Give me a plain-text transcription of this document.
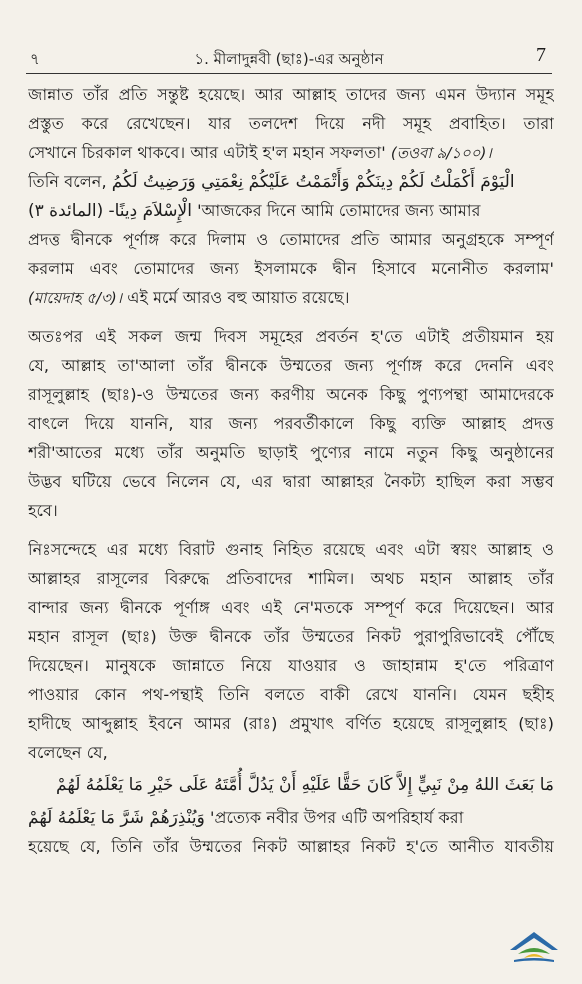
৭	১. মীলাদুন্নবী (ছাঃ)-এর অনুষ্ঠান	7
জান্নাত তাঁর প্রতি সন্তুষ্ট হয়েছে। আর আল্লাহ তাদের জন্য এমন উদ্যান সমূহ
প্রস্তুত করে রেখেছেন। যার তলদেশ দিয়ে নদী সমূহ প্রবাহিত। তারা
সেখানে চিরকাল থাকবে। আর এটাই হ'ল মহান সফলতা' (তওবা ৯/১০০)।
তিনি বলেন, الْيَوْمَ أَكْمَلْتُ لَكُمْ دِينَكُمْ وَأَتْمَمْتُ عَلَيْكُمْ نِعْمَتِي وَرَضِيتُ لَكُمُ
(المائدة ٣) الْإِسْلاَمَ دِينًا- 'আজকের দিনে আমি তোমাদের জন্য আমার
প্রদত্ত দ্বীনকে পূর্ণাঙ্গ করে দিলাম ও তোমাদের প্রতি আমার অনুগ্রহকে সম্পূর্ণ
করলাম এবং তোমাদের জন্য ইসলামকে দ্বীন হিসাবে মনোনীত করলাম'
(মায়েদাহ ৫/৩)। এই মর্মে আরও বহু আয়াত রয়েছে।
অতঃপর এই সকল জন্ম দিবস সমূহের প্রবর্তন হ'তে এটাই প্রতীয়মান হয়
যে, আল্লাহ তা'আলা তাঁর দ্বীনকে উম্মতের জন্য পূর্ণাঙ্গ করে দেননি এবং
রাসূলুল্লাহ (ছাঃ)-ও উম্মতের জন্য করণীয় অনেক কিছু পুণ্যপন্থা আমাদেরকে
বাৎলে দিয়ে যাননি, যার জন্য পরবর্তীকালে কিছু ব্যক্তি আল্লাহ প্রদত্ত
শরী'আতের মধ্যে তাঁর অনুমতি ছাড়াই পুণ্যের নামে নতুন কিছু অনুষ্ঠানের
উদ্ভব ঘটিয়ে ভেবে নিলেন যে, এর দ্বারা আল্লাহর নৈকট্য হাছিল করা সম্ভব
হবে।
নিঃসন্দেহে এর মধ্যে বিরাট গুনাহ নিহিত রয়েছে এবং এটা স্বয়ং আল্লাহ ও
আল্লাহর রাসূলের বিরুদ্ধে প্রতিবাদের শামিল। অথচ মহান আল্লাহ তাঁর
বান্দার জন্য দ্বীনকে পূর্ণাঙ্গ এবং এই নে'মতকে সম্পূর্ণ করে দিয়েছেন। আর
মহান রাসূল (ছাঃ) উক্ত দ্বীনকে তাঁর উম্মতের নিকট পুরাপুরিভাবেই পৌঁছে
দিয়েছেন। মানুষকে জান্নাতে নিয়ে যাওয়ার ও জাহান্নাম হ'তে পরিত্রাণ
পাওয়ার কোন পথ-পন্থাই তিনি বলতে বাকী রেখে যাননি। যেমন ছহীহ
হাদীছে আব্দুল্লাহ ইবনে আমর (রাঃ) প্রমুখাৎ বর্ণিত হয়েছে রাসূলুল্লাহ (ছাঃ)
বলেছেন যে,
مَا بَعَثَ اللهُ مِنْ نَبِيٍّ إِلاَّ كَانَ حَقًّا عَلَيْهِ أَنْ يَدُلَّ أُمَّتَهُ عَلَى خَيْرِ مَا يَعْلَمُهُ لَهُمْ
وَيُنْذِرَهُمْ شَرَّ مَا يَعْلَمُهُ لَهُمْ 'প্রত্যেক নবীর উপর এটি অপরিহার্য করা
হয়েছে যে, তিনি তাঁর উম্মতের নিকট আল্লাহর নিকট হ'তে আনীত যাবতীয়
